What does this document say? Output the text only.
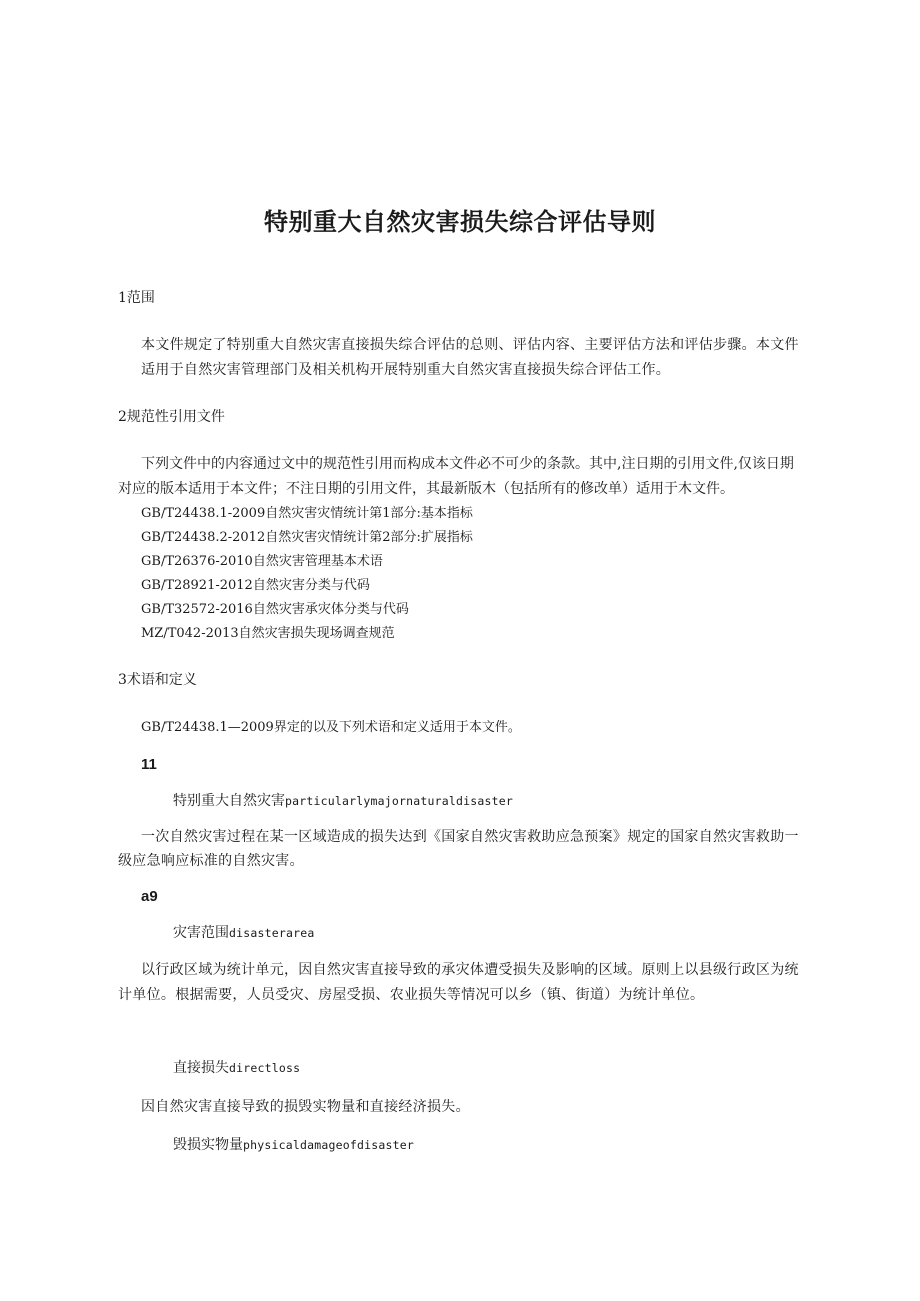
特别重大自然灾害损失综合评估导则
1范围
本文件规定了特别重大自然灾害直接损失综合评估的总则、评估内容、主要评估方法和评估步骤。本文件
适用于自然灾害管理部门及相关机构开展特别重大自然灾害直接损失综合评估工作。
2规范性引用文件
下列文件中的内容通过文中的规范性引用而构成本文件必不可少的条款。其中,注日期的引用文件,仅该日期
对应的版本适用于本文件；不注日期的引用文件，其最新版木（包括所有的修改单）适用于木文件。
GB/T24438.1-2009自然灾害灾情统计第1部分:基本指标
GB/T24438.2-2012自然灾害灾情统计第2部分:扩展指标
GB/T26376-2010自然灾害管理基本术语
GB/T28921-2012自然灾害分类与代码
GB/T32572-2016自然灾害承灾体分类与代码
MZ/T042-2013自然灾害损失现场调查规范
3术语和定义
GB/T24438.1—2009界定的以及下列术语和定义适用于本文件。
11
特别重大自然灾害particularlymajornaturaldisaster
一次自然灾害过程在某一区域造成的损失达到《国家自然灾害救助应急预案》规定的国家自然灾害救助一
级应急响应标准的自然灾害。
a9
灾害范围disasterarea
以行政区域为统计单元，因自然灾害直接导致的承灾体遭受损失及影响的区域。原则上以县级行政区为统
计单位。根据需要，人员受灾、房屋受损、农业损失等情况可以乡（镇、街道）为统计单位。
直接损失directloss
因自然灾害直接导致的损毁实物量和直接经济损失。
毁损实物量physicaldamageofdisaster
